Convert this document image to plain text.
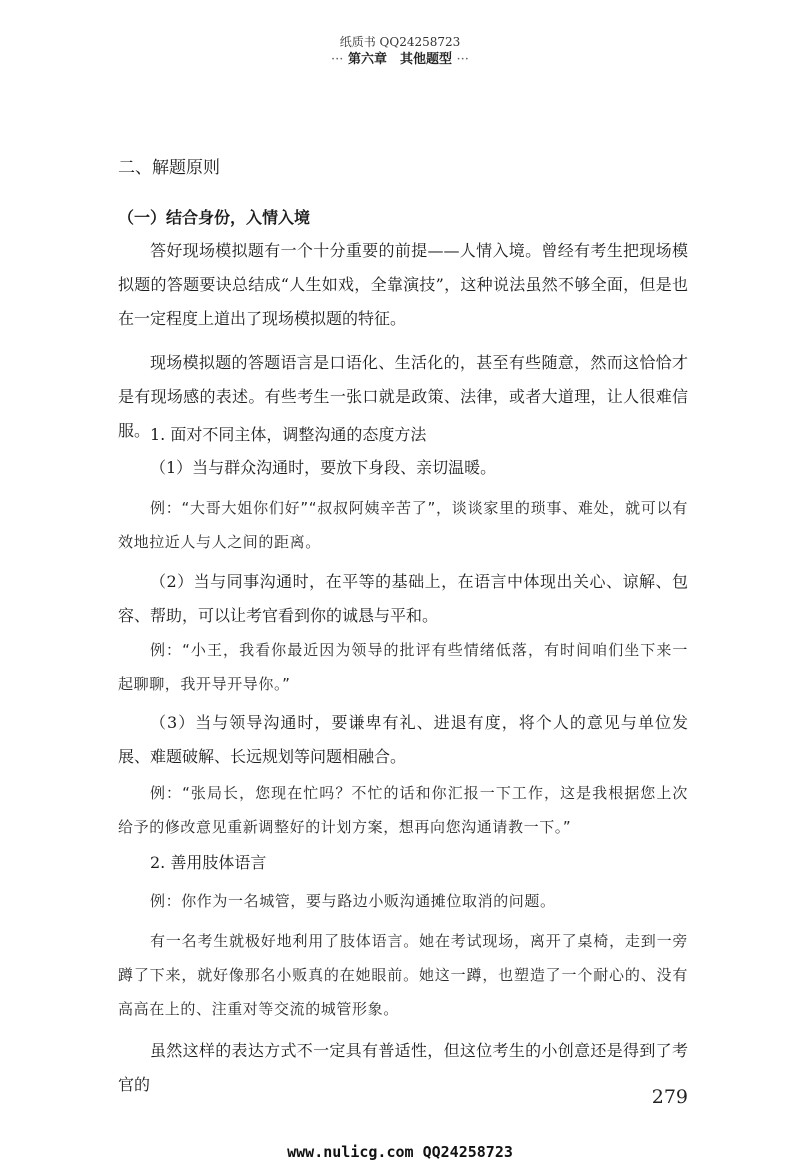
纸质书 QQ24258723
··· 第六章　其他题型 ···
二、解题原则
（一）结合身份，入情入境
答好现场模拟题有一个十分重要的前提——人情入境。曾经有考生把现场模拟题的答题要诀总结成“人生如戏，全靠演技”，这种说法虽然不够全面，但是也在一定程度上道出了现场模拟题的特征。
现场模拟题的答题语言是口语化、生活化的，甚至有些随意，然而这恰恰才是有现场感的表述。有些考生一张口就是政策、法律，或者大道理，让人很难信服。 1. 面对不同主体，调整沟通的态度方法
（1）当与群众沟通时，要放下身段、亲切温暖。
例：“大哥大姐你们好”“叔叔阿姨辛苦了”，谈谈家里的琐事、难处，就可以有效地拉近人与人之间的距离。
（2）当与同事沟通时，在平等的基础上，在语言中体现出关心、谅解、包容、帮助，可以让考官看到你的诚恳与平和。
例：“小王，我看你最近因为领导的批评有些情绪低落，有时间咱们坐下来一起聊聊，我开导开导你。”
（3）当与领导沟通时，要谦卑有礼、进退有度，将个人的意见与单位发展、难题破解、长远规划等问题相融合。
例：“张局长，您现在忙吗？不忙的话和你汇报一下工作，这是我根据您上次给予的修改意见重新调整好的计划方案，想再向您沟通请教一下。”
2. 善用肢体语言
例：你作为一名城管，要与路边小贩沟通摊位取消的问题。
有一名考生就极好地利用了肢体语言。她在考试现场，离开了桌椅，走到一旁蹲了下来，就好像那名小贩真的在她眼前。她这一蹲，也塑造了一个耐心的、没有高高在上的、注重对等交流的城管形象。
虽然这样的表达方式不一定具有普适性，但这位考生的小创意还是得到了考官的
279
www.nulicg.com QQ24258723
